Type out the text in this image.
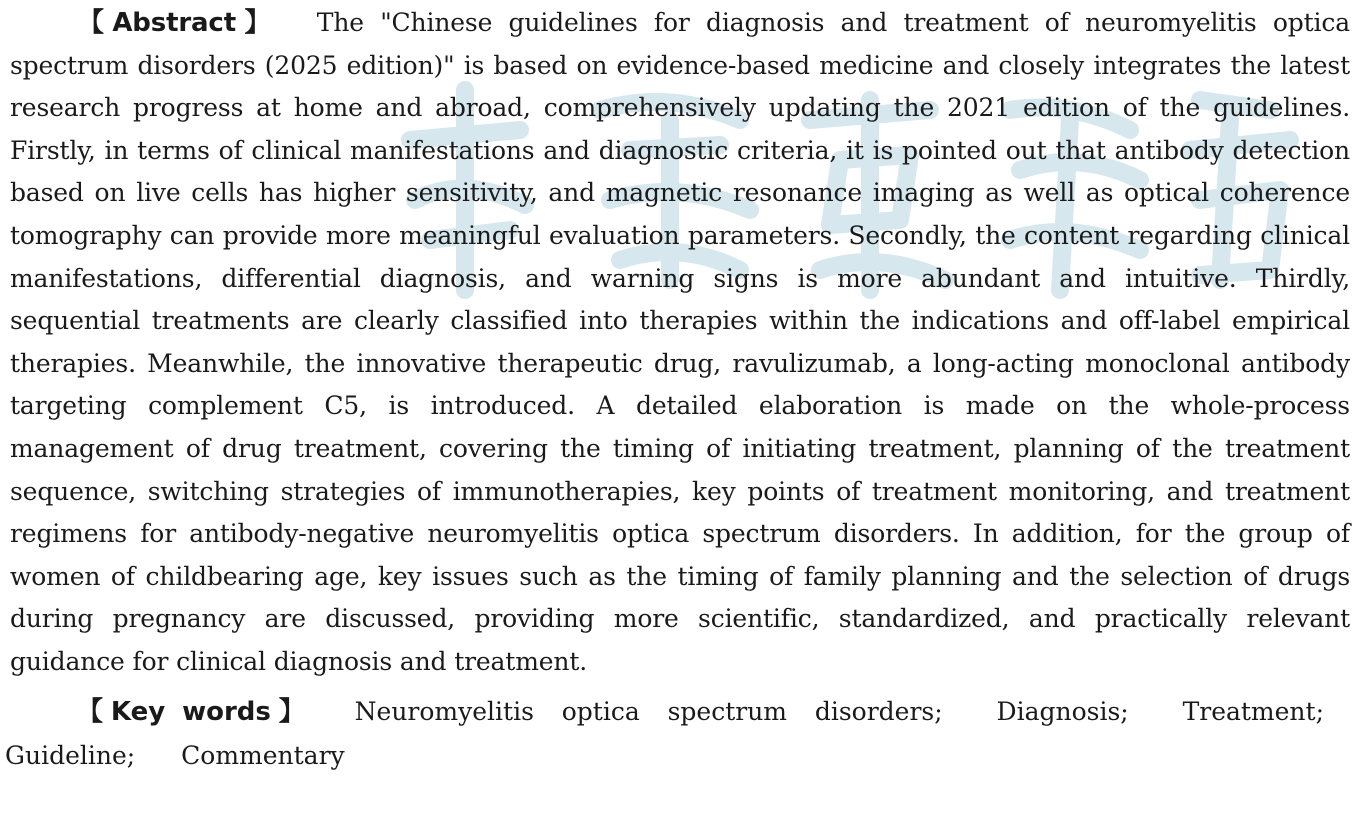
【Abstract】 The "Chinese guidelines for diagnosis and treatment of neuromyelitis optica spectrum disorders (2025 edition)" is based on evidence-based medicine and closely integrates the latest research progress at home and abroad, comprehensively updating the 2021 edition of the guidelines. Firstly, in terms of clinical manifestations and diagnostic criteria, it is pointed out that antibody detection based on live cells has higher sensitivity, and magnetic resonance imaging as well as optical coherence tomography can provide more meaningful evaluation parameters. Secondly, the content regarding clinical manifestations, differential diagnosis, and warning signs is more abundant and intuitive. Thirdly, sequential treatments are clearly classified into therapies within the indications and off-label empirical therapies. Meanwhile, the innovative therapeutic drug, ravulizumab, a long-acting monoclonal antibody targeting complement C5, is introduced. A detailed elaboration is made on the whole-process management of drug treatment, covering the timing of initiating treatment, planning of the treatment sequence, switching strategies of immunotherapies, key points of treatment monitoring, and treatment regimens for antibody-negative neuromyelitis optica spectrum disorders. In addition, for the group of women of childbearing age, key issues such as the timing of family planning and the selection of drugs during pregnancy are discussed, providing more scientific, standardized, and practically relevant guidance for clinical diagnosis and treatment.

【Key words】 Neuromyelitis optica spectrum disorders; Diagnosis; Treatment; Guideline; Commentary
